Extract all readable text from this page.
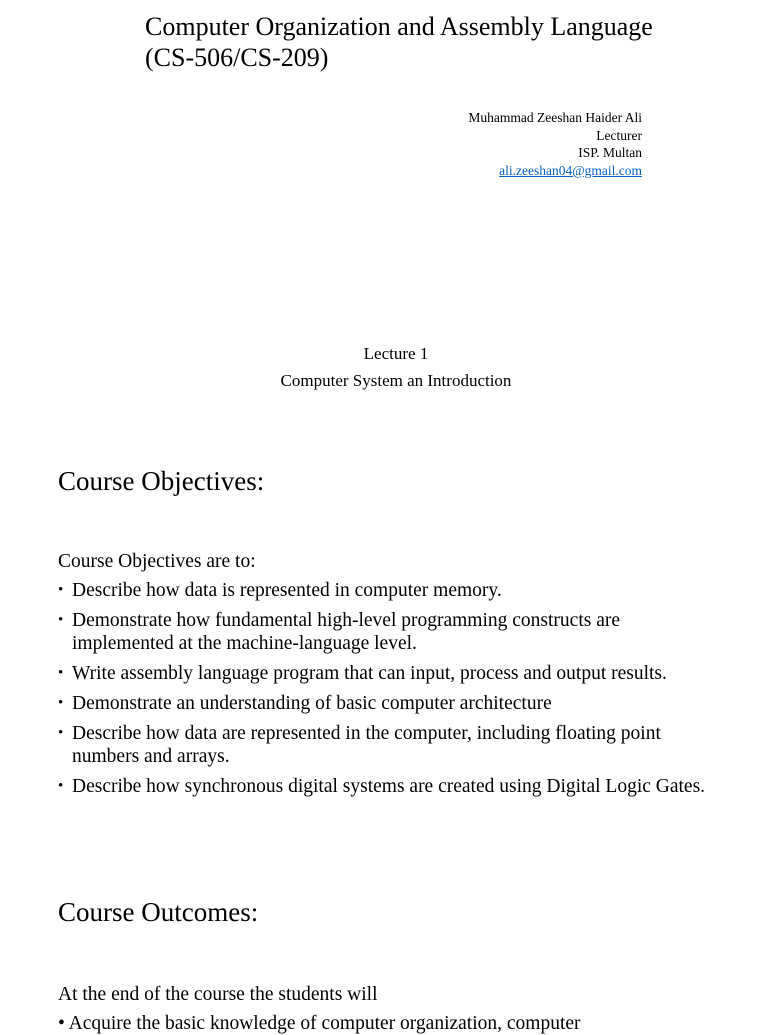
Computer Organization and Assembly Language (CS-506/CS-209)
Muhammad Zeeshan Haider Ali
Lecturer
ISP. Multan
ali.zeeshan04@gmail.com
Lecture 1
Computer System an Introduction
Course Objectives:
Course Objectives are to:
• Describe how data is represented in computer memory.
• Demonstrate how fundamental high-level programming constructs are implemented at the machine-language level.
• Write assembly language program that can input, process and output results.
• Demonstrate an understanding of basic computer architecture
• Describe how data are represented in the computer, including floating point numbers and arrays.
• Describe how synchronous digital systems are created using Digital Logic Gates.
Course Outcomes:
At the end of the course the students will
• Acquire the basic knowledge of computer organization, computer
